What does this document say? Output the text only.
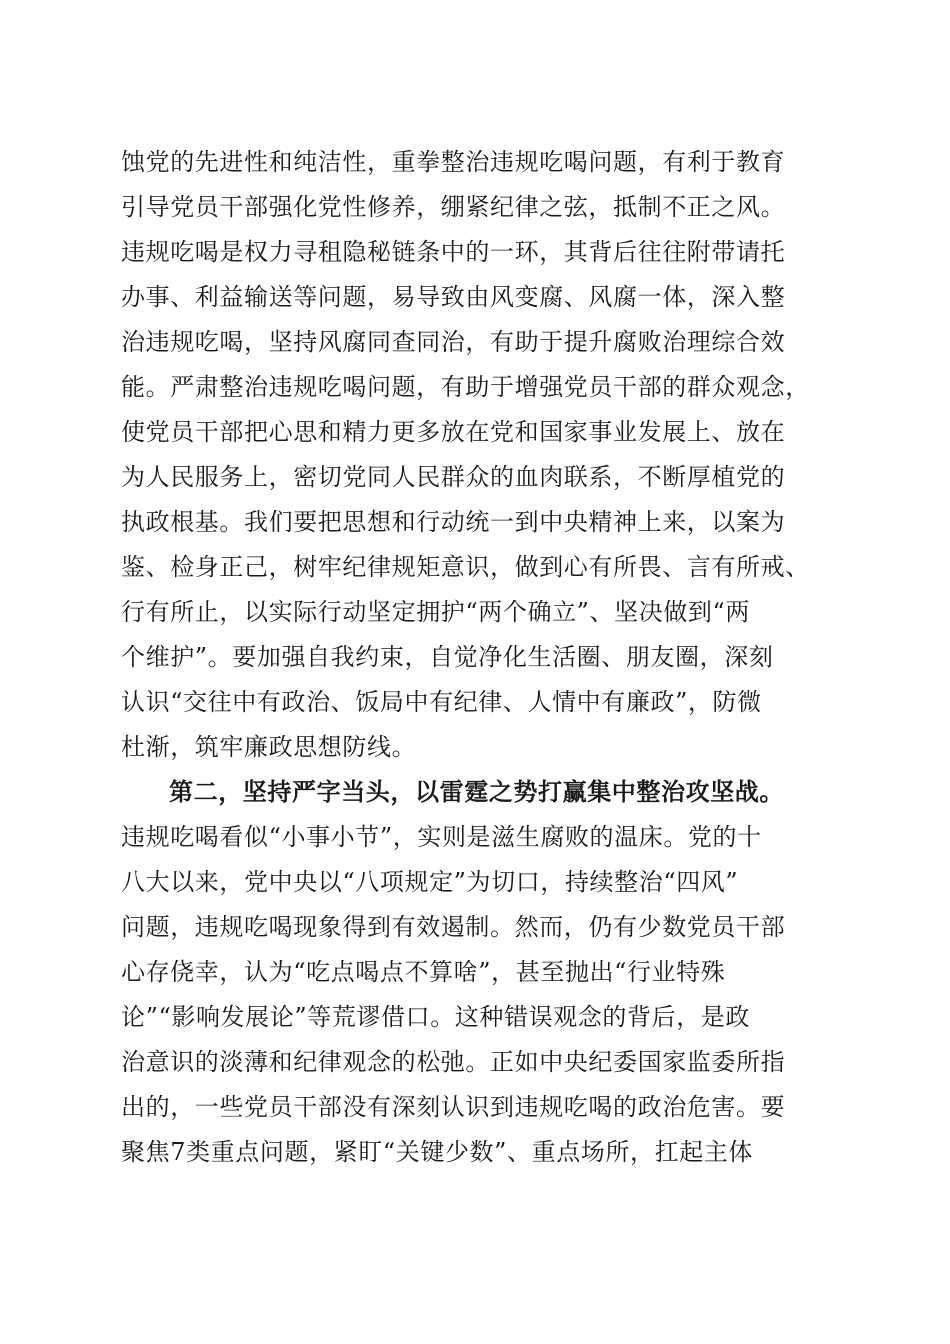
蚀党的先进性和纯洁性，重拳整治违规吃喝问题，有利于教育
引导党员干部强化党性修养，绷紧纪律之弦，抵制不正之风。
违规吃喝是权力寻租隐秘链条中的一环，其背后往往附带请托
办事、利益输送等问题，易导致由风变腐、风腐一体，深入整
治违规吃喝，坚持风腐同查同治，有助于提升腐败治理综合效
能。严肃整治违规吃喝问题，有助于增强党员干部的群众观念，
使党员干部把心思和精力更多放在党和国家事业发展上、放在
为人民服务上，密切党同人民群众的血肉联系，不断厚植党的
执政根基。我们要把思想和行动统一到中央精神上来，以案为
鉴、检身正己，树牢纪律规矩意识，做到心有所畏、言有所戒、
行有所止，以实际行动坚定拥护“两个确立”、坚决做到“两
个维护”。要加强自我约束，自觉净化生活圈、朋友圈，深刻
认识“交往中有政治、饭局中有纪律、人情中有廉政”，防微
杜渐，筑牢廉政思想防线。
第二，坚持严字当头，以雷霆之势打赢集中整治攻坚战。
违规吃喝看似“小事小节”，实则是滋生腐败的温床。党的十
八大以来，党中央以“八项规定”为切口，持续整治“四风”
问题，违规吃喝现象得到有效遏制。然而，仍有少数党员干部
心存侥幸，认为“吃点喝点不算啥”，甚至抛出“行业特殊
论”“影响发展论”等荒谬借口。这种错误观念的背后，是政
治意识的淡薄和纪律观念的松弛。正如中央纪委国家监委所指
出的，一些党员干部没有深刻认识到违规吃喝的政治危害。要
聚焦7类重点问题，紧盯“关键少数”、重点场所，扛起主体
